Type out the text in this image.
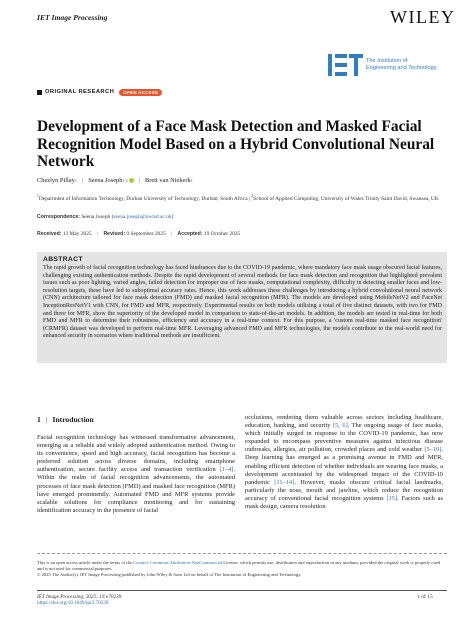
IET Image Processing	WILEY
The Institution of
Engineering and Technology
ORIGINAL RESEARCH	OPEN ACCESS
Development of a Face Mask Detection and Masked Facial Recognition Model Based on a Hybrid Convolutional Neural Network
Chezlyn Pillay 1 | Seena Joseph 1,2 | Brett van Niekerk 1
$^1$Department of Information Technology, Durban University of Technology, Durban, South Africa | $^2$School of Applied Computing, University of Wales Trinity Saint David, Swansea, UK
Correspondence: Seena Joseph (seena.joseph@uwtsd.ac.uk)
Received: 13 May 2025 | Revised: 9 September 2025 | Accepted: 19 October 2025
ABSTRACT
The rapid growth of facial recognition technology has faced hindrances due to the COVID-19 pandemic, where mandatory face mask usage obscured facial features, challenging existing authentication methods. Despite the rapid development of several methods for face mask detection and recognition that highlighted prevalent issues such as poor lighting, varied angles, failed detection for improper use of face masks, computational complexity, difficulty in detecting smaller faces and low-resolution targets, these have led to suboptimal accuracy rates. Hence, this work addresses these challenges by introducing a hybrid convolutional neural network (CNN) architecture tailored for face mask detection (FMD) and masked facial recognition (MFR). The models are developed using MobileNetV2 and FaceNet InceptionResNetV1 with CNN, for FMD and MFR, respectively. Experimental results on both models utilising a total of five distinct datasets, with two for FMD and three for MFR, show the superiority of the developed model in comparison to state-of-the-art models. In addition, the models are tested in real-time for both FMD and MFR to determine their robustness, efficiency and accuracy in a real-time context. For this purpose, a 'custom real-time masked face recognition' (CRMFR) dataset was developed to perform real-time MFR. Leveraging advanced FMD and MFR technologies, the models contribute to the real-world need for enhanced security in scenarios where traditional methods are insufficient.
1 | Introduction
Facial recognition technology has witnessed transformative advancement, emerging as a reliable and widely adopted authentication method. Owing to its convenience, speed and high accuracy, facial recognition has become a preferred solution across diverse domains, including smartphone authentication, secure facility access and transaction verification [1–4]. Within the realm of facial recognition advancements, the automated processes of face mask detection (FMD) and masked face recognition (MFR) have emerged prominently. Automated FMD and MFR systems provide scalable solutions for compliance monitoring and for sustaining identification accuracy in the presence of facial
occlusions, rendering them valuable across sectors including healthcare, education, banking, and security [5, 6]. The ongoing usage of face masks, which initially surged in response to the COVID-19 pandemic, has now expanded to encompass preventive measures against infectious disease outbreaks, allergies, air pollution, crowded places and cold weather [5–10]. Deep learning has emerged as a promising avenue in FMD and MFR, enabling efficient detection of whether individuals are wearing face masks, a development accentuated by the widespread impact of the COVID-19 pandemic [11–14]. However, masks obscure critical facial landmarks, particularly the nose, mouth and jawline, which reduce the recognition accuracy of conventional facial recognition systems [15]. Factors such as mask design, camera resolution
This is an open access article under the terms of the Creative Commons Attribution-NonCommercial License, which permits use, distribution and reproduction in any medium, provided the original work is properly cited and is not used for commercial purposes.
© 2025 The Author(s). IET Image Processing published by John Wiley & Sons Ltd on behalf of The Institution of Engineering and Technology.
IET Image Processing, 2025; 19:e70239
https://doi.org/10.1049/ipr2.70239
1 of 15
